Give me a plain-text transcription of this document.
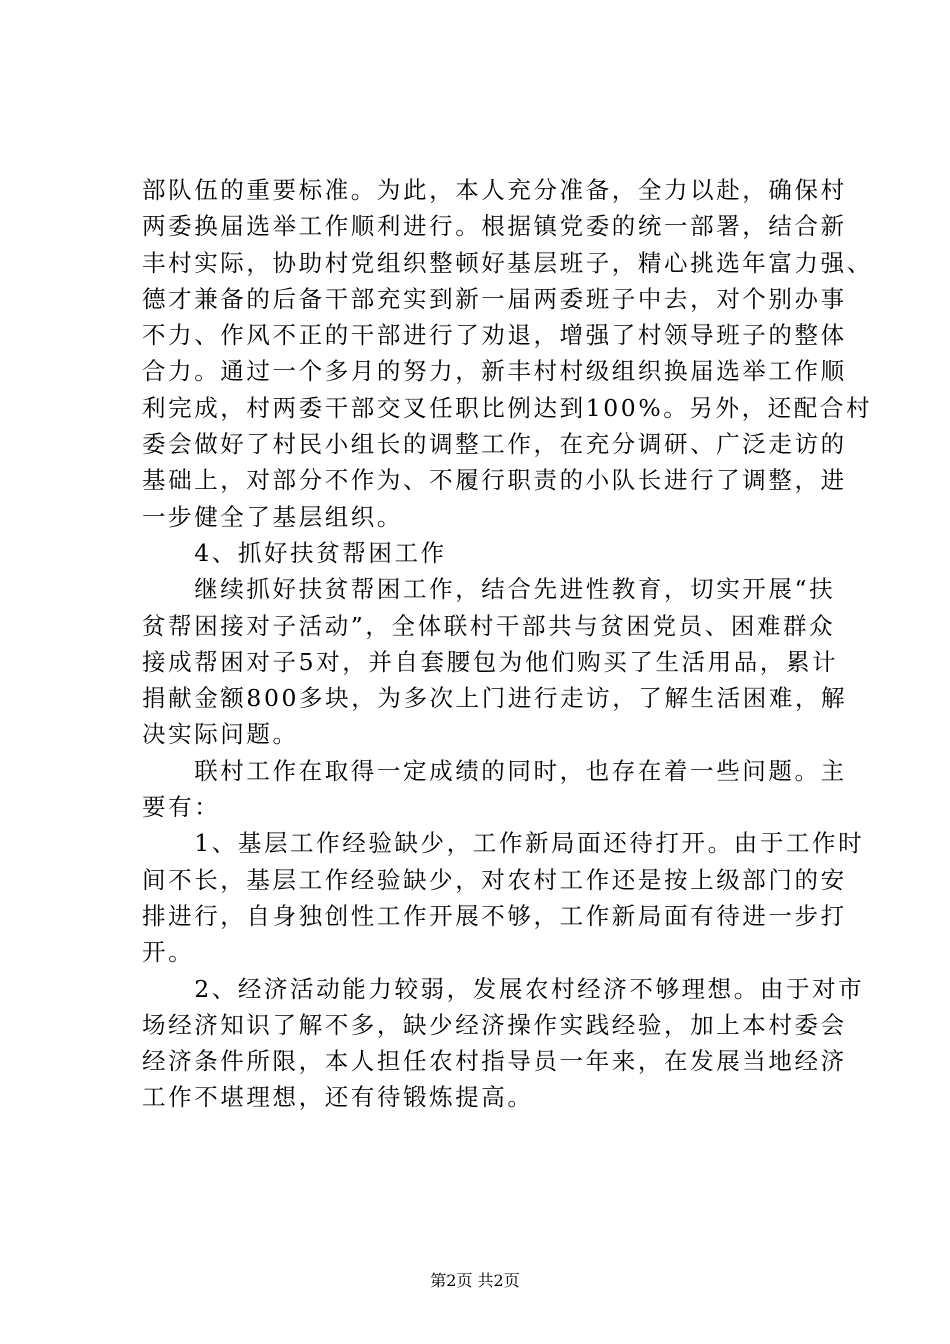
部队伍的重要标准。为此，本人充分准备，全力以赴，确保村
两委换届选举工作顺利进行。根据镇党委的统一部署，结合新
丰村实际，协助村党组织整顿好基层班子，精心挑选年富力强、
德才兼备的后备干部充实到新一届两委班子中去，对个别办事
不力、作风不正的干部进行了劝退，增强了村领导班子的整体
合力。通过一个多月的努力，新丰村村级组织换届选举工作顺
利完成，村两委干部交叉任职比例达到100%。另外，还配合村
委会做好了村民小组长的调整工作，在充分调研、广泛走访的
基础上，对部分不作为、不履行职责的小队长进行了调整，进
一步健全了基层组织。
　　4、抓好扶贫帮困工作
　　继续抓好扶贫帮困工作，结合先进性教育，切实开展“扶
贫帮困接对子活动”，全体联村干部共与贫困党员、困难群众
接成帮困对子5对，并自套腰包为他们购买了生活用品，累计
捐献金额800多块，为多次上门进行走访，了解生活困难，解
决实际问题。
　　联村工作在取得一定成绩的同时，也存在着一些问题。主
要有：
　　1、基层工作经验缺少，工作新局面还待打开。由于工作时
间不长，基层工作经验缺少，对农村工作还是按上级部门的安
排进行，自身独创性工作开展不够，工作新局面有待进一步打
开。
　　2、经济活动能力较弱，发展农村经济不够理想。由于对市
场经济知识了解不多，缺少经济操作实践经验，加上本村委会
经济条件所限，本人担任农村指导员一年来，在发展当地经济
工作不堪理想，还有待锻炼提高。
第2页 共2页
